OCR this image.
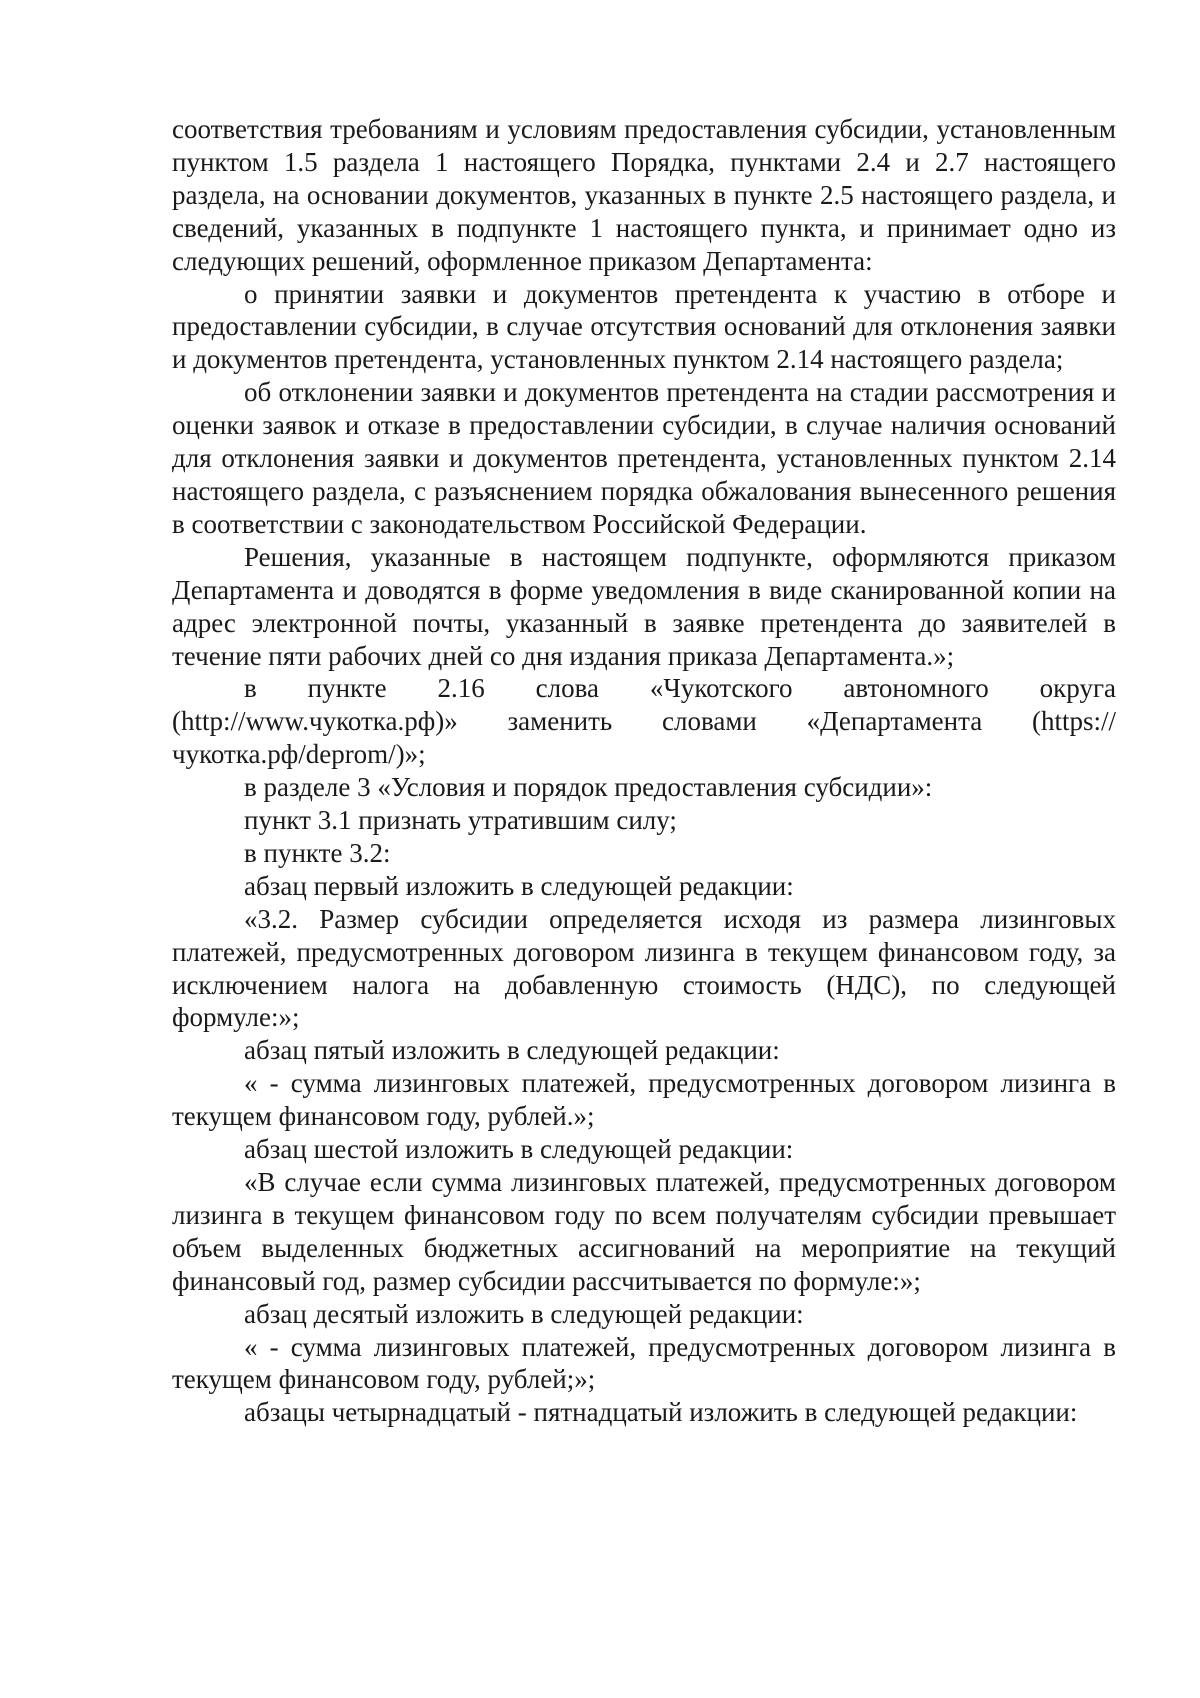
соответствия требованиям и условиям предоставления субсидии, установленным пунктом 1.5 раздела 1 настоящего Порядка, пунктами 2.4 и 2.7 настоящего раздела, на основании документов, указанных в пункте 2.5 настоящего раздела, и сведений, указанных в подпункте 1 настоящего пункта, и принимает одно из следующих решений, оформленное приказом Департамента:

о принятии заявки и документов претендента к участию в отборе и предоставлении субсидии, в случае отсутствия оснований для отклонения заявки и документов претендента, установленных пунктом 2.14 настоящего раздела;

об отклонении заявки и документов претендента на стадии рассмотрения и оценки заявок и отказе в предоставлении субсидии, в случае наличия оснований для отклонения заявки и документов претендента, установленных пунктом 2.14 настоящего раздела, с разъяснением порядка обжалования вынесенного решения в соответствии с законодательством Российской Федерации.

Решения, указанные в настоящем подпункте, оформляются приказом Департамента и доводятся в форме уведомления в виде сканированной копии на адрес электронной почты, указанный в заявке претендента до заявителей в течение пяти рабочих дней со дня издания приказа Департамента.»;

в пункте 2.16 слова «Чукотского автономного округа (http://www.чукотка.рф)» заменить словами «Департамента (https://чукотка.рф/deprom/)»;

в разделе 3 «Условия и порядок предоставления субсидии»:

пункт 3.1 признать утратившим силу;

в пункте 3.2:

абзац первый изложить в следующей редакции:

«3.2. Размер субсидии определяется исходя из размера лизинговых платежей, предусмотренных договором лизинга в текущем финансовом году, за исключением налога на добавленную стоимость (НДС), по следующей формуле:»;

абзац пятый изложить в следующей редакции:

« - сумма лизинговых платежей, предусмотренных договором лизинга в текущем финансовом году, рублей.»;

абзац шестой изложить в следующей редакции:

«В случае если сумма лизинговых платежей, предусмотренных договором лизинга в текущем финансовом году по всем получателям субсидии превышает объем выделенных бюджетных ассигнований на мероприятие на текущий финансовый год, размер субсидии рассчитывается по формуле:»;

абзац десятый изложить в следующей редакции:

« - сумма лизинговых платежей, предусмотренных договором лизинга в текущем финансовом году, рублей;»;

абзацы четырнадцатый - пятнадцатый изложить в следующей редакции:
